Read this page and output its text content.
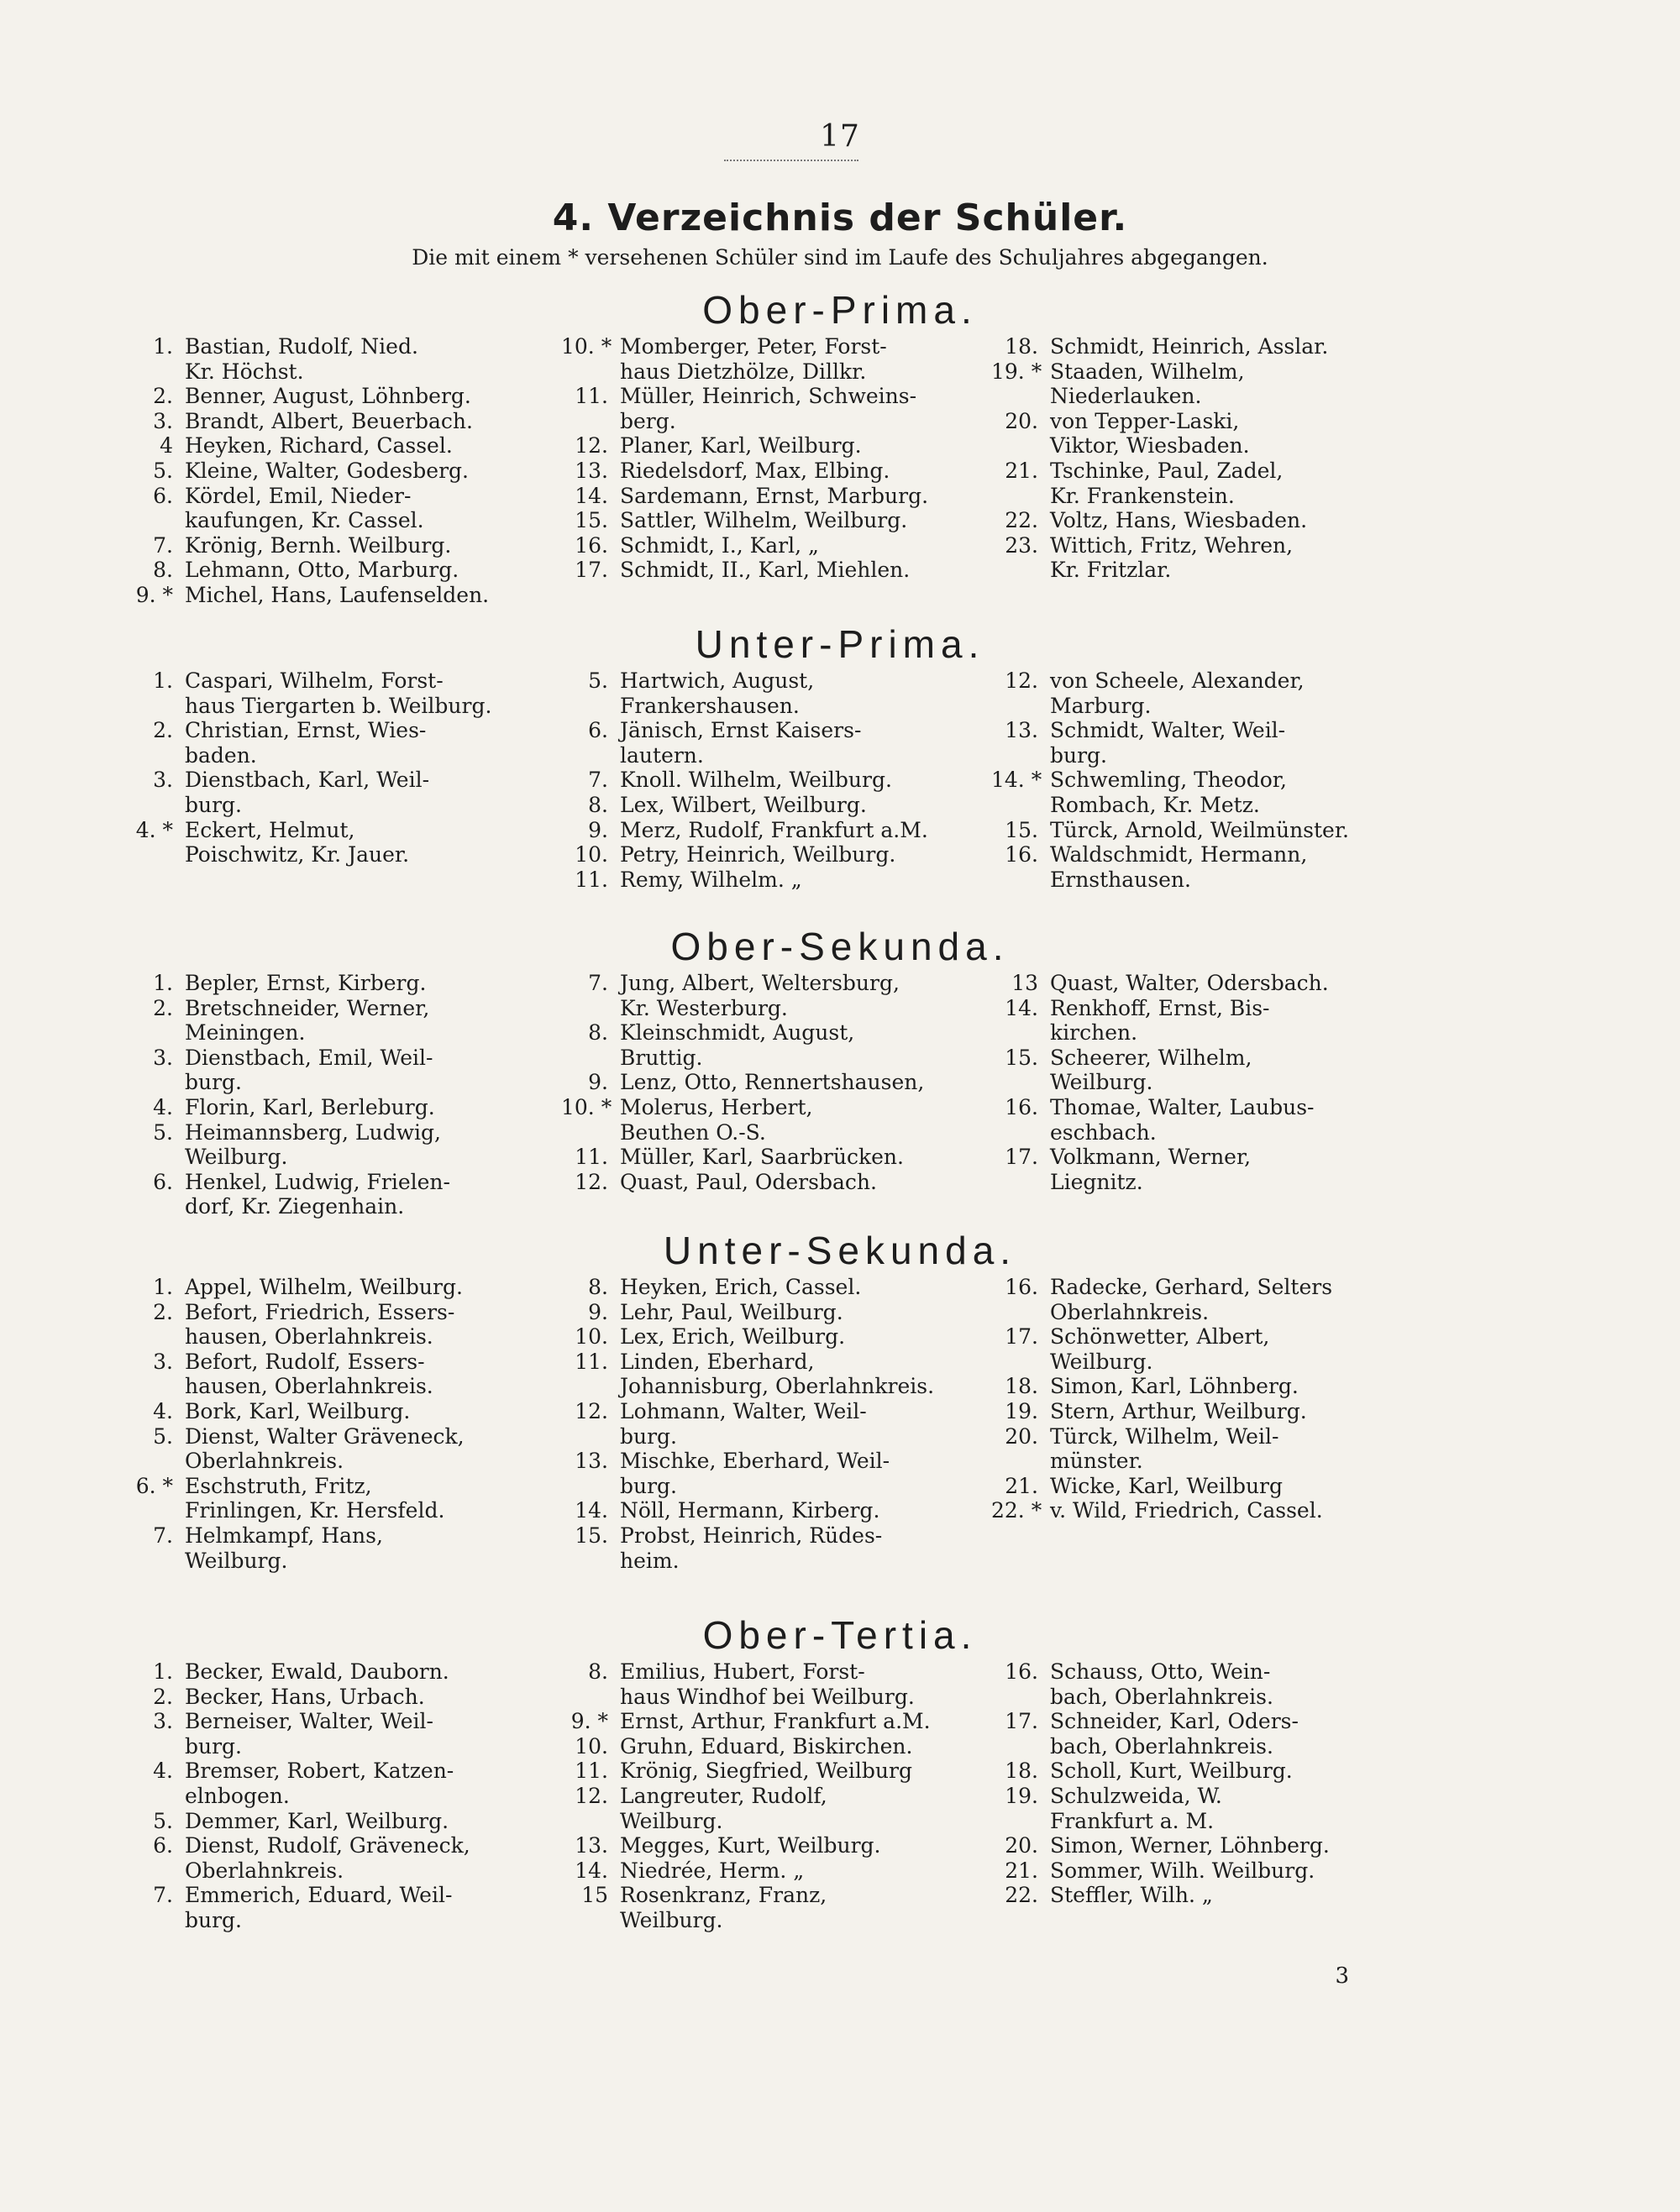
17
4. Verzeichnis der Schüler.
Die mit einem * versehenen Schüler sind im Laufe des Schuljahres abgegangen.
Ober-Prima.
1. Bastian, Rudolf, Nied.
Kr. Höchst.
2. Benner, August, Löhnberg.
3. Brandt, Albert, Beuerbach.
4 Heyken, Richard, Cassel.
5. Kleine, Walter, Godesberg.
6. Kördel, Emil, Nieder-
kaufungen, Kr. Cassel.
7. Krönig, Bernh. Weilburg.
8. Lehmann, Otto, Marburg.
9. * Michel, Hans, Laufenselden.
10. * Momberger, Peter, Forst-
haus Dietzhölze, Dillkr.
11. Müller, Heinrich, Schweins-
berg.
12. Planer, Karl, Weilburg.
13. Riedelsdorf, Max, Elbing.
14. Sardemann, Ernst, Marburg.
15. Sattler, Wilhelm, Weilburg.
16. Schmidt, I., Karl, „
17. Schmidt, II., Karl, Miehlen.
18. Schmidt, Heinrich, Asslar.
19. * Staaden, Wilhelm,
Niederlauken.
20. von Tepper-Laski,
Viktor, Wiesbaden.
21. Tschinke, Paul, Zadel,
Kr. Frankenstein.
22. Voltz, Hans, Wiesbaden.
23. Wittich, Fritz, Wehren,
Kr. Fritzlar.
Unter-Prima.
1. Caspari, Wilhelm, Forst-
haus Tiergarten b. Weilburg.
2. Christian, Ernst, Wies-
baden.
3. Dienstbach, Karl, Weil-
burg.
4. * Eckert, Helmut,
Poischwitz, Kr. Jauer.
5. Hartwich, August,
Frankershausen.
6. Jänisch, Ernst Kaisers-
lautern.
7. Knoll. Wilhelm, Weilburg.
8. Lex, Wilbert, Weilburg.
9. Merz, Rudolf, Frankfurt a.M.
10. Petry, Heinrich, Weilburg.
11. Remy, Wilhelm. „
12. von Scheele, Alexander,
Marburg.
13. Schmidt, Walter, Weil-
burg.
14. * Schwemling, Theodor,
Rombach, Kr. Metz.
15. Türck, Arnold, Weilmünster.
16. Waldschmidt, Hermann,
Ernsthausen.
Ober-Sekunda.
1. Bepler, Ernst, Kirberg.
2. Bretschneider, Werner,
Meiningen.
3. Dienstbach, Emil, Weil-
burg.
4. Florin, Karl, Berleburg.
5. Heimannsberg, Ludwig,
Weilburg.
6. Henkel, Ludwig, Frielen-
dorf, Kr. Ziegenhain.
7. Jung, Albert, Weltersburg,
Kr. Westerburg.
8. Kleinschmidt, August,
Bruttig.
9. Lenz, Otto, Rennertshausen,
10. * Molerus, Herbert,
Beuthen O.-S.
11. Müller, Karl, Saarbrücken.
12. Quast, Paul, Odersbach.
13 Quast, Walter, Odersbach.
14. Renkhoff, Ernst, Bis-
kirchen.
15. Scheerer, Wilhelm,
Weilburg.
16. Thomae, Walter, Laubus-
eschbach.
17. Volkmann, Werner,
Liegnitz.
Unter-Sekunda.
1. Appel, Wilhelm, Weilburg.
2. Befort, Friedrich, Essers-
hausen, Oberlahnkreis.
3. Befort, Rudolf, Essers-
hausen, Oberlahnkreis.
4. Bork, Karl, Weilburg.
5. Dienst, Walter Gräveneck,
Oberlahnkreis.
6. * Eschstruth, Fritz,
Frinlingen, Kr. Hersfeld.
7. Helmkampf, Hans,
Weilburg.
8. Heyken, Erich, Cassel.
9. Lehr, Paul, Weilburg.
10. Lex, Erich, Weilburg.
11. Linden, Eberhard,
Johannisburg, Oberlahnkreis.
12. Lohmann, Walter, Weil-
burg.
13. Mischke, Eberhard, Weil-
burg.
14. Nöll, Hermann, Kirberg.
15. Probst, Heinrich, Rüdes-
heim.
16. Radecke, Gerhard, Selters
Oberlahnkreis.
17. Schönwetter, Albert,
Weilburg.
18. Simon, Karl, Löhnberg.
19. Stern, Arthur, Weilburg.
20. Türck, Wilhelm, Weil-
münster.
21. Wicke, Karl, Weilburg
22. * v. Wild, Friedrich, Cassel.
Ober-Tertia.
1. Becker, Ewald, Dauborn.
2. Becker, Hans, Urbach.
3. Berneiser, Walter, Weil-
burg.
4. Bremser, Robert, Katzen-
elnbogen.
5. Demmer, Karl, Weilburg.
6. Dienst, Rudolf, Gräveneck,
Oberlahnkreis.
7. Emmerich, Eduard, Weil-
burg.
8. Emilius, Hubert, Forst-
haus Windhof bei Weilburg.
9. * Ernst, Arthur, Frankfurt a.M.
10. Gruhn, Eduard, Biskirchen.
11. Krönig, Siegfried, Weilburg
12. Langreuter, Rudolf,
Weilburg.
13. Megges, Kurt, Weilburg.
14. Niedrée, Herm. „
15 Rosenkranz, Franz,
Weilburg.
16. Schauss, Otto, Wein-
bach, Oberlahnkreis.
17. Schneider, Karl, Oders-
bach, Oberlahnkreis.
18. Scholl, Kurt, Weilburg.
19. Schulzweida, W.
Frankfurt a. M.
20. Simon, Werner, Löhnberg.
21. Sommer, Wilh. Weilburg.
22. Steffler, Wilh. „
3
